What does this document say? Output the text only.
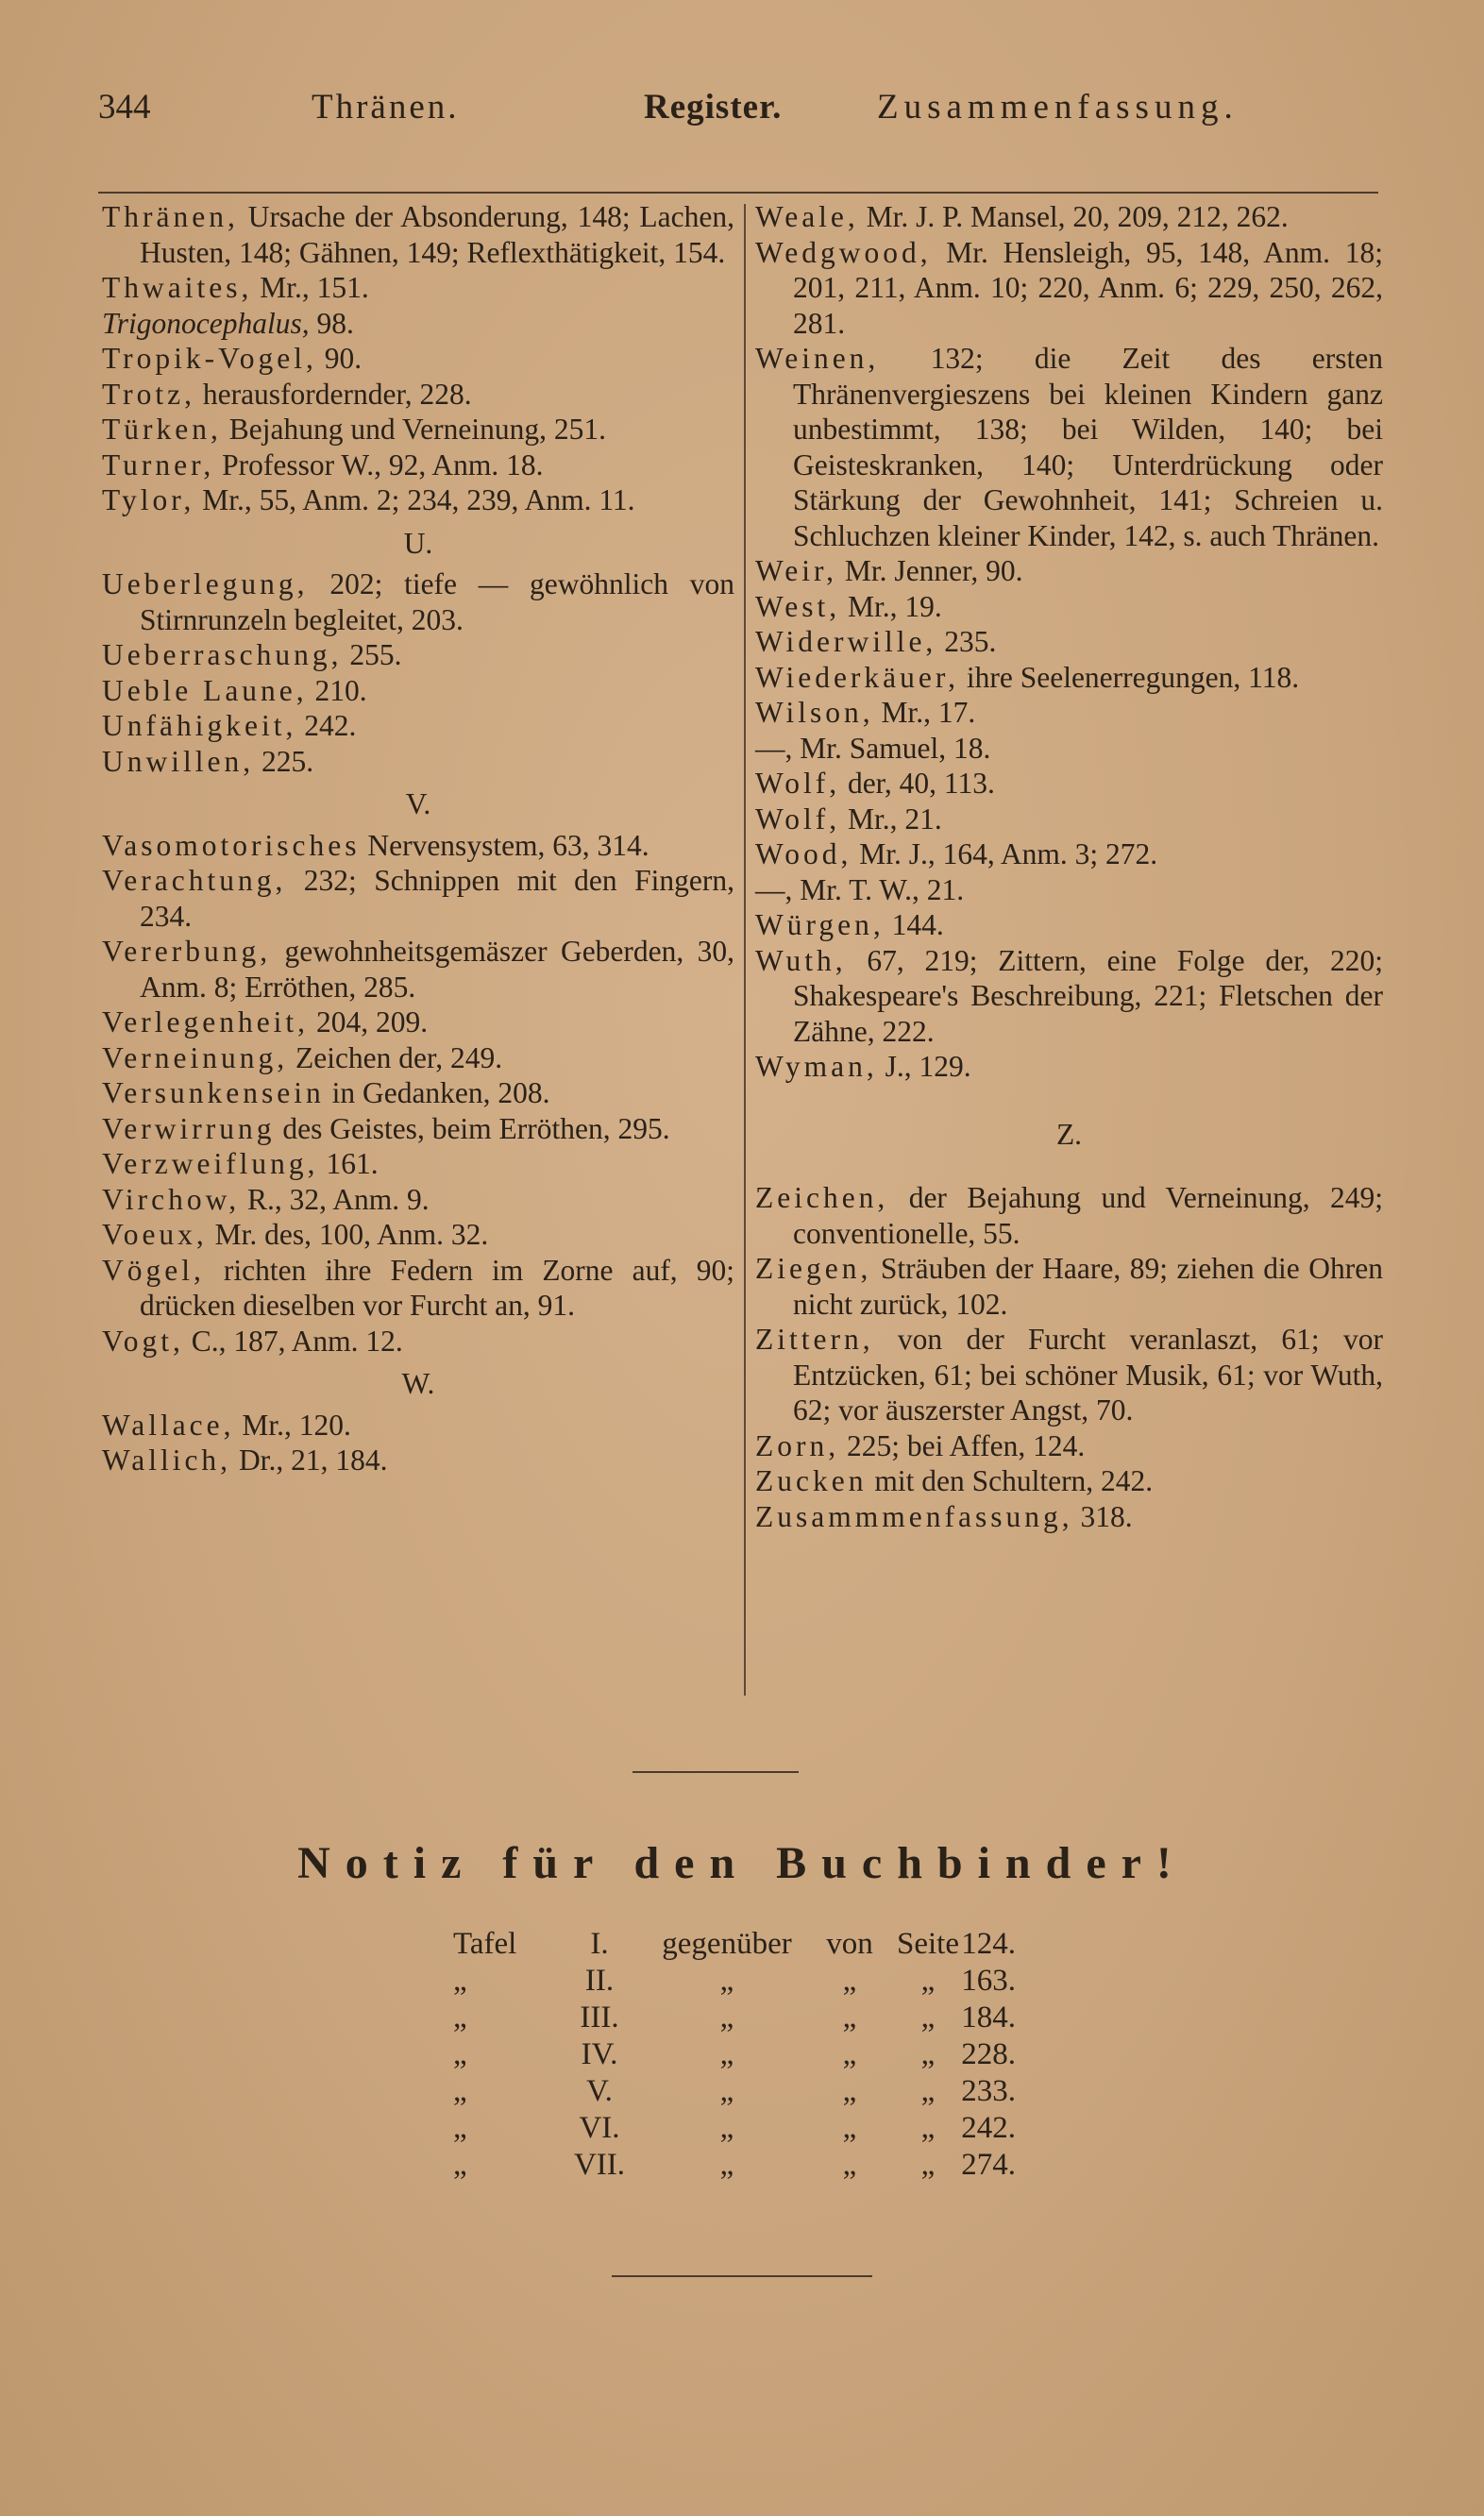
344	Thränen.	Register.	Zusammenfassung.
Thränen, Ursache der Absonderung, 148; Lachen, Husten, 148; Gähnen, 149; Reflexthätigkeit, 154.
Thwaites, Mr., 151.
Trigonocephalus, 98.
Tropik-Vogel, 90.
Trotz, herausfordernder, 228.
Türken, Bejahung und Verneinung, 251.
Turner, Professor W., 92, Anm. 18.
Tylor, Mr., 55, Anm. 2; 234, 239, Anm. 11.
U.
Ueberlegung, 202; tiefe — gewöhnlich von Stirnrunzeln begleitet, 203.
Ueberraschung, 255.
Ueble Laune, 210.
Unfähigkeit, 242.
Unwillen, 225.
V.
Vasomotorisches Nervensystem, 63, 314.
Verachtung, 232; Schnippen mit den Fingern, 234.
Vererbung, gewohnheitsgemäszer Geberden, 30, Anm. 8; Erröthen, 285.
Verlegenheit, 204, 209.
Verneinung, Zeichen der, 249.
Versunkensein in Gedanken, 208.
Verwirrung des Geistes, beim Erröthen, 295.
Verzweiflung, 161.
Virchow, R., 32, Anm. 9.
Voeux, Mr. des, 100, Anm. 32.
Vögel, richten ihre Federn im Zorne auf, 90; drücken dieselben vor Furcht an, 91.
Vogt, C., 187, Anm. 12.
W.
Wallace, Mr., 120.
Wallich, Dr., 21, 184.
Weale, Mr. J. P. Mansel, 20, 209, 212, 262.
Wedgwood, Mr. Hensleigh, 95, 148, Anm. 18; 201, 211, Anm. 10; 220, Anm. 6; 229, 250, 262, 281.
Weinen, 132; die Zeit des ersten Thränenvergieszens bei kleinen Kindern ganz unbestimmt, 138; bei Wilden, 140; bei Geisteskranken, 140; Unterdrückung oder Stärkung der Gewohnheit, 141; Schreien u. Schluchzen kleiner Kinder, 142, s. auch Thränen.
Weir, Mr. Jenner, 90.
West, Mr., 19.
Widerwille, 235.
Wiederkäuer, ihre Seelenerregungen, 118.
Wilson, Mr., 17.
—, Mr. Samuel, 18.
Wolf, der, 40, 113.
Wolf, Mr., 21.
Wood, Mr. J., 164, Anm. 3; 272.
—, Mr. T. W., 21.
Würgen, 144.
Wuth, 67, 219; Zittern, eine Folge der, 220; Shakespeare's Beschreibung, 221; Fletschen der Zähne, 222.
Wyman, J., 129.
Z.
Zeichen, der Bejahung und Verneinung, 249; conventionelle, 55.
Ziegen, Sträuben der Haare, 89; ziehen die Ohren nicht zurück, 102.
Zittern, von der Furcht veranlaszt, 61; vor Entzücken, 61; bei schöner Musik, 61; vor Wuth, 62; vor äuszerster Angst, 70.
Zorn, 225; bei Affen, 124.
Zucken mit den Schultern, 242.
Zusammmenfassung, 318.
Notiz für den Buchbinder!
Tafel	I.	gegenüber	von	Seite	124.
„	II.	„	„	„	163.
„	III.	„	„	„	184.
„	IV.	„	„	„	228.
„	V.	„	„	„	233.
„	VI.	„	„	„	242.
„	VII.	„	„	„	274.
